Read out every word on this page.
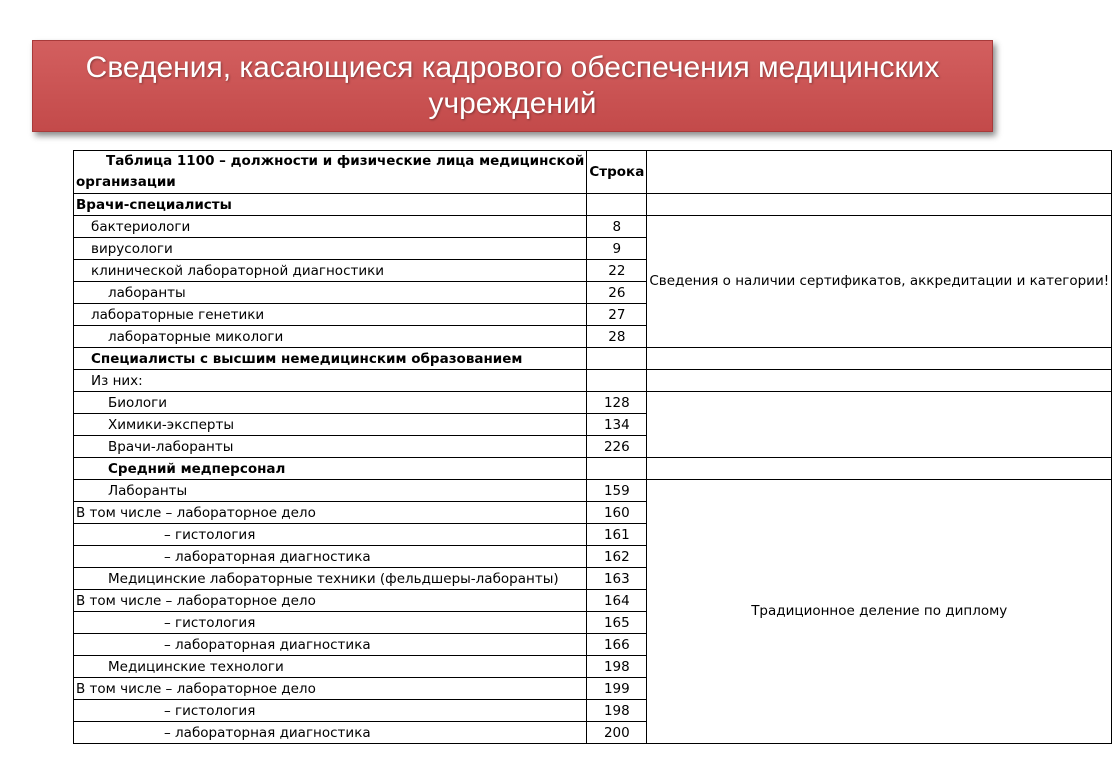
Сведения, касающиеся кадрового обеспечения медицинских учреждений
Таблица 1100 – должности и физические лица медицинской
организации	Строка	
Врачи-специалисты		
бактериологи	8	Сведения о наличии сертификатов, аккредитации и категории!
вирусологи	9	
клинической лабораторной диагностики	22	
лаборанты	26	
лабораторные генетики	27	
лабораторные микологи	28	
Специалисты с высшим немедицинским образованием		
Из них:		
Биологи	128	
Химики-эксперты	134	
Врачи-лаборанты	226	
Средний медперсонал		
Лаборанты	159	Традиционное деление по диплому
В том числе – лабораторное дело	160	
– гистология	161	
– лабораторная диагностика	162	
Медицинские лабораторные техники (фельдшеры-лаборанты)	163	
В том числе – лабораторное дело	164	
– гистология	165	
– лабораторная диагностика	166	
Медицинские технологи	198	
В том числе – лабораторное дело	199	
– гистология	198	
– лабораторная диагностика	200	
